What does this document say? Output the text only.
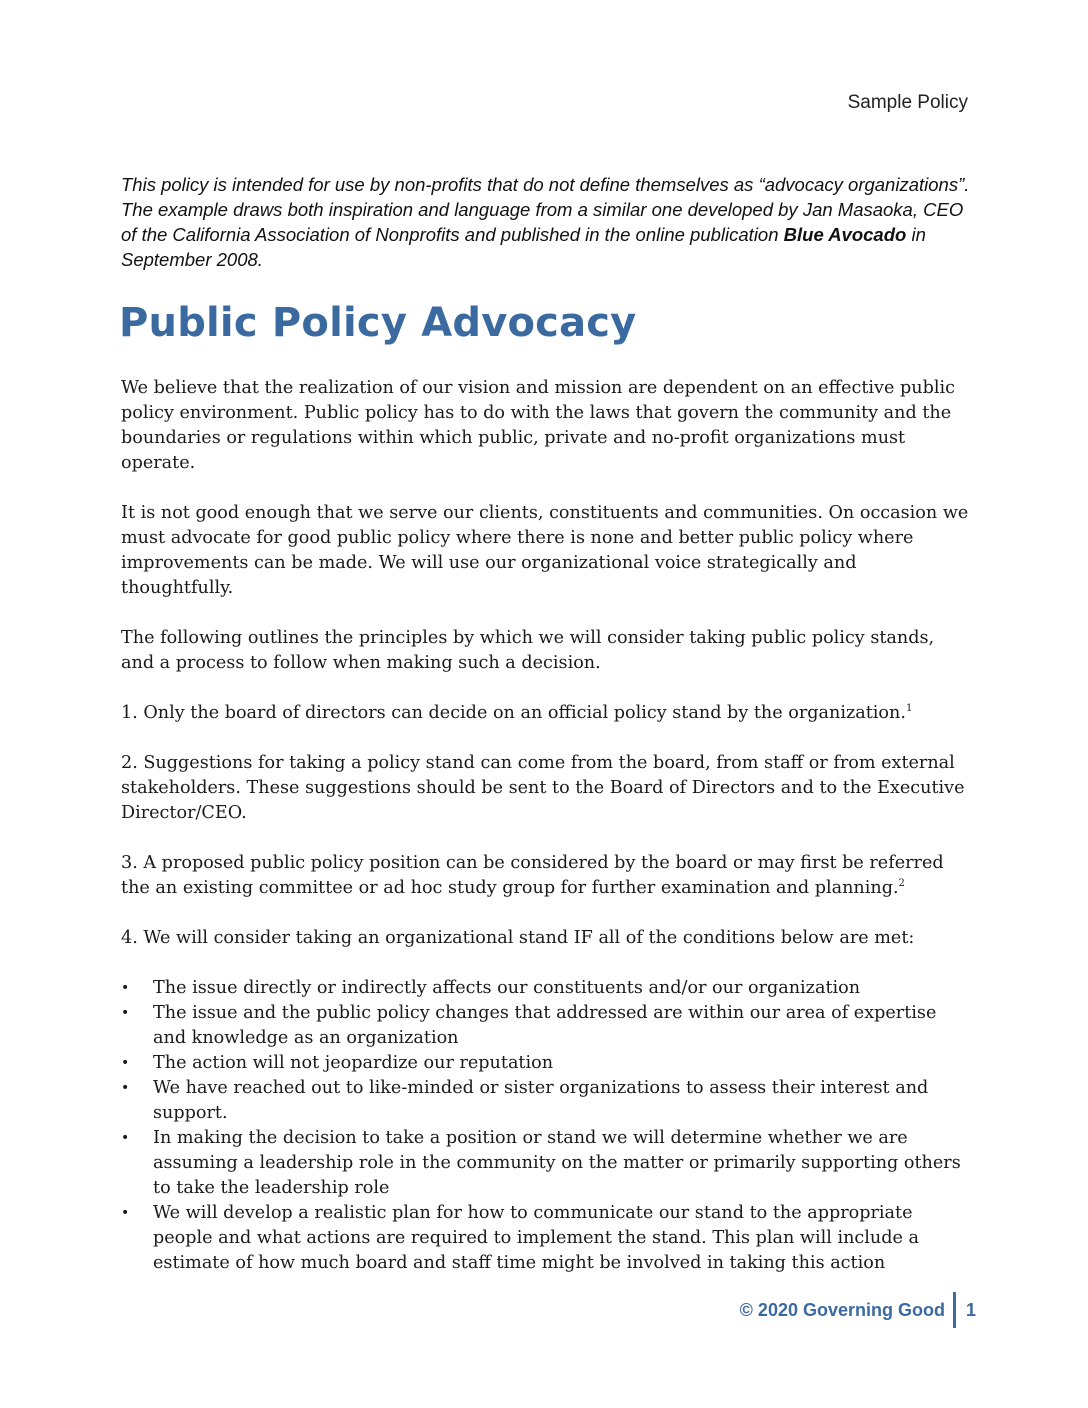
Sample Policy
This policy is intended for use by non-profits that do not define themselves as “advocacy organizations”. The example draws both inspiration and language from a similar one developed by Jan Masaoka, CEO of the California Association of Nonprofits and published in the online publication Blue Avocado in September 2008.
Public Policy Advocacy

We believe that the realization of our vision and mission are dependent on an effective public policy environment. Public policy has to do with the laws that govern the community and the boundaries or regulations within which public, private and no-profit organizations must operate.

It is not good enough that we serve our clients, constituents and communities. On occasion we must advocate for good public policy where there is none and better public policy where improvements can be made. We will use our organizational voice strategically and thoughtfully.

The following outlines the principles by which we will consider taking public policy stands, and a process to follow when making such a decision.

1. Only the board of directors can decide on an official policy stand by the organization.$^1$

2. Suggestions for taking a policy stand can come from the board, from staff or from external stakeholders. These suggestions should be sent to the Board of Directors and to the Executive Director/CEO.

3. A proposed public policy position can be considered by the board or may first be referred the an existing committee or ad hoc study group for further examination and planning.$^2$

4. We will consider taking an organizational stand IF all of the conditions below are met:

• The issue directly or indirectly affects our constituents and/or our organization
• The issue and the public policy changes that addressed are within our area of expertise and knowledge as an organization
• The action will not jeopardize our reputation
• We have reached out to like-minded or sister organizations to assess their interest and support.
• In making the decision to take a position or stand we will determine whether we are assuming a leadership role in the community on the matter or primarily supporting others to take the leadership role
• We will develop a realistic plan for how to communicate our stand to the appropriate people and what actions are required to implement the stand. This plan will include a estimate of how much board and staff time might be involved in taking this action
© 2020 Governing Good 1
